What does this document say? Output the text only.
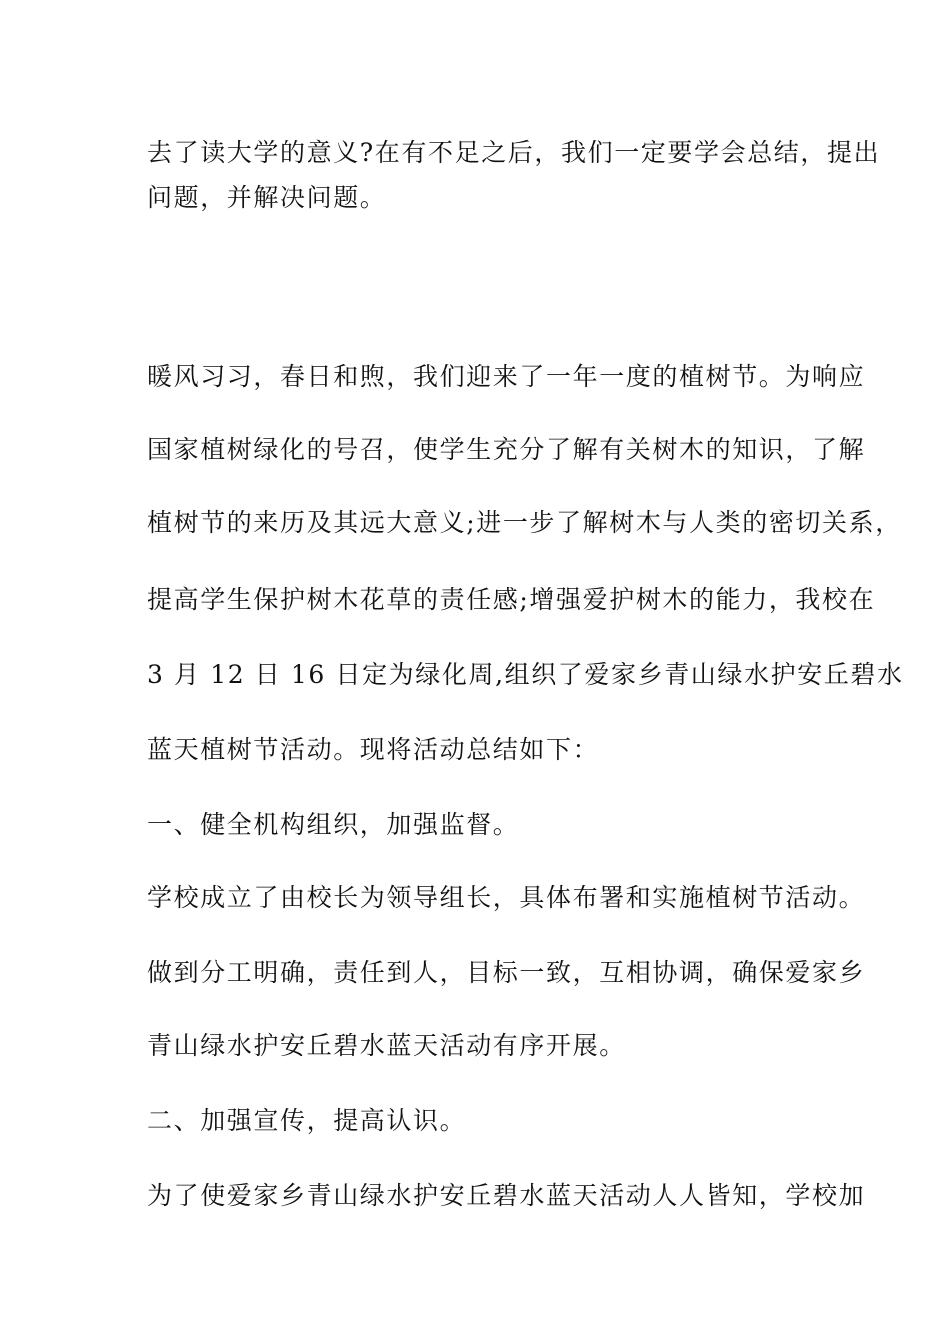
去了读大学的意义?在有不足之后，我们一定要学会总结，提出
问题，并解决问题。
暖风习习，春日和煦，我们迎来了一年一度的植树节。为响应
国家植树绿化的号召，使学生充分了解有关树木的知识，了解
植树节的来历及其远大意义;进一步了解树木与人类的密切关系，
提高学生保护树木花草的责任感;增强爱护树木的能力，我校在
3 月 12 日 16 日定为绿化周,组织了爱家乡青山绿水护安丘碧水
蓝天植树节活动。现将活动总结如下：
一、健全机构组织，加强监督。
学校成立了由校长为领导组长，具体布署和实施植树节活动。
做到分工明确，责任到人，目标一致，互相协调，确保爱家乡
青山绿水护安丘碧水蓝天活动有序开展。
二、加强宣传，提高认识。
为了使爱家乡青山绿水护安丘碧水蓝天活动人人皆知，学校加
